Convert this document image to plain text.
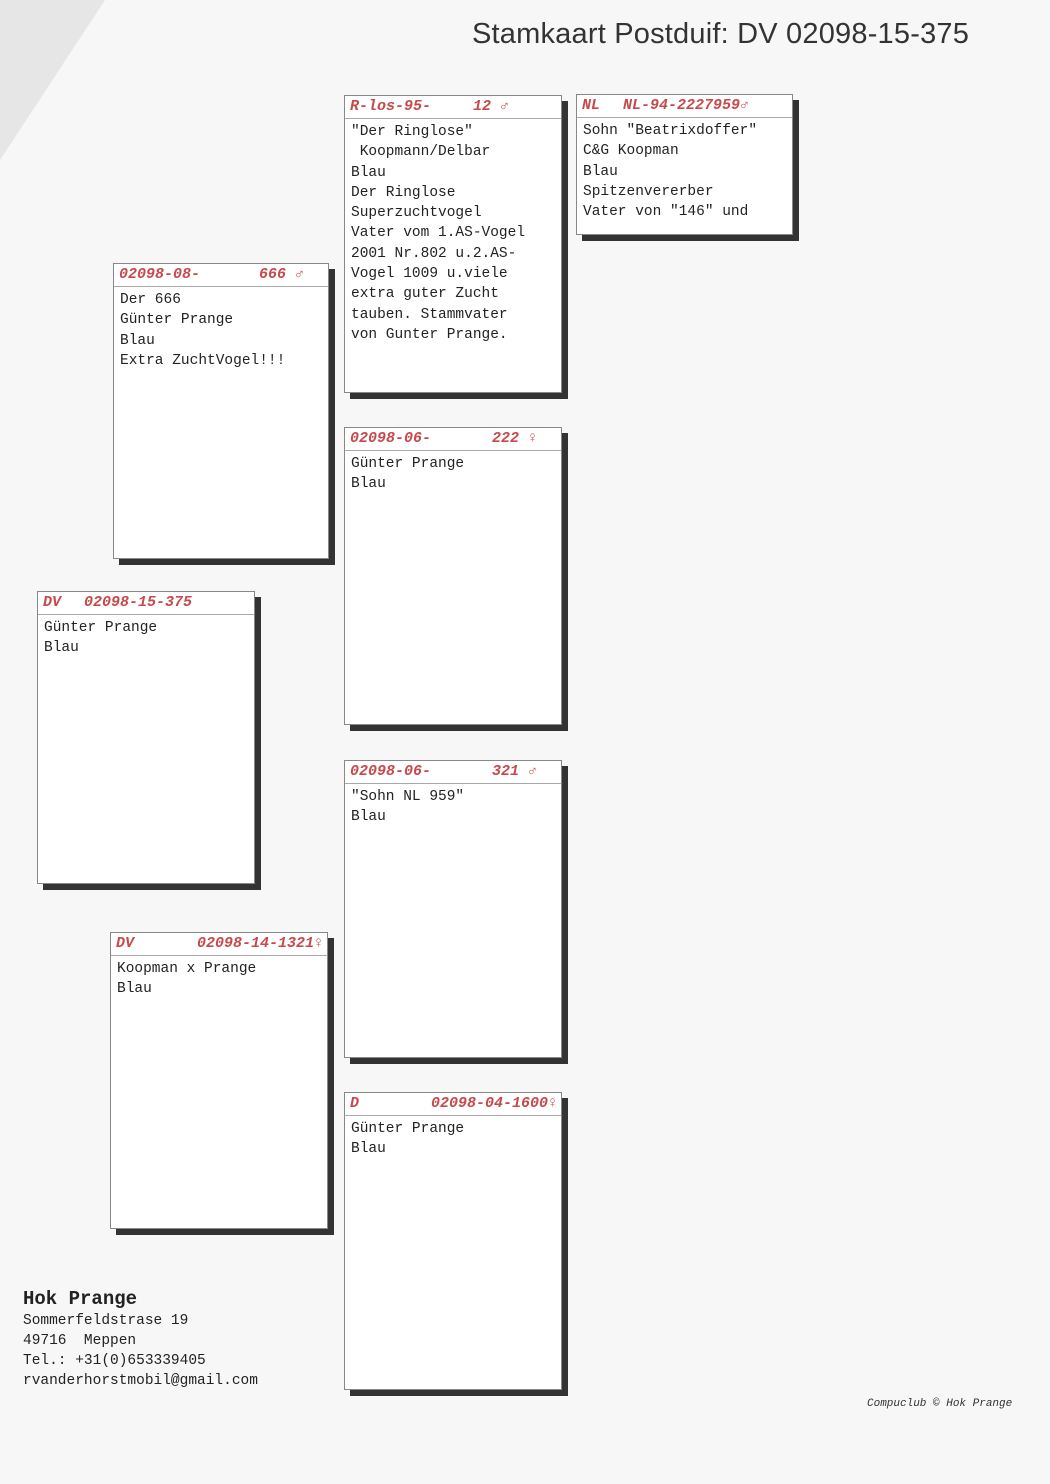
Stamkaart Postduif: DV 02098-15-375
DV 02098-15-375
Günter Prange
Blau
02098-08-	666 ♂
Der 666
Günter Prange
Blau
Extra ZuchtVogel!!!
DV	02098-14-1321♀
Koopman x Prange
Blau
R-los-95-	12 ♂
"Der Ringlose"
Koopmann/Delbar
Blau
Der Ringlose
Superzuchtvogel
Vater vom 1.AS-Vogel
2001 Nr.802 u.2.AS-
Vogel 1009 u.viele
extra guter Zucht
tauben. Stammvater
von Gunter Prange.
02098-06-	222 ♀
Günter Prange
Blau
02098-06-	321 ♂
"Sohn NL 959"
Blau
D	02098-04-1600♀
Günter Prange
Blau
NL NL-94-2227959♂
Sohn "Beatrixdoffer"
C&G Koopman
Blau
Spitzenvererber
Vater von "146" und
Hok Prange
Sommerfeldstrase 19
49716  Meppen
Tel.: +31(0)653339405
rvanderhorstmobil@gmail.com
Compuclub © Hok Prange
